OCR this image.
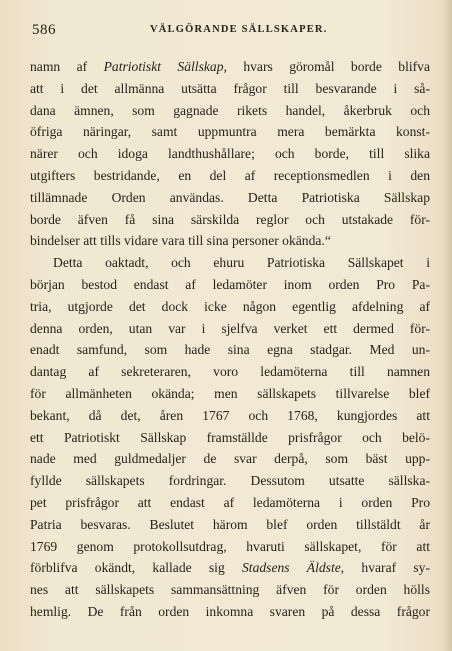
586	VÄLGÖRANDE SÄLLSKAPER.
namn af Patriotiskt Sällskap, hvars göromål borde blifva
att i det allmänna utsätta frågor till besvarande i så-
dana ämnen, som gagnade rikets handel, åkerbruk och
öfriga näringar, samt uppmuntra mera bemärkta konst-
närer och idoga landthushållare; och borde, till slika
utgifters bestridande, en del af receptionsmedlen i den
tillämnade Orden användas. Detta Patriotiska Sällskap
borde äfven få sina särskilda reglor och utstakade för-
bindelser att tills vidare vara till sina personer okända.“
Detta oaktadt, och ehuru Patriotiska Sällskapet i
början bestod endast af ledamöter inom orden Pro Pa-
tria, utgjorde det dock icke någon egentlig afdelning af
denna orden, utan var i sjelfva verket ett dermed för-
enadt samfund, som hade sina egna stadgar. Med un-
dantag af sekreteraren, voro ledamöterna till namnen
för allmänheten okända; men sällskapets tillvarelse blef
bekant, då det, åren 1767 och 1768, kungjordes att
ett Patriotiskt Sällskap framställde prisfrågor och belö-
nade med guldmedaljer de svar derpå, som bäst upp-
fyllde sällskapets fordringar. Dessutom utsatte sällska-
pet prisfrågor att endast af ledamöterna i orden Pro
Patria besvaras. Beslutet härom blef orden tillstäldt år
1769 genom protokollsutdrag, hvaruti sällskapet, för att
förblifva okändt, kallade sig Stadsens Äldste, hvaraf sy-
nes att sällskapets sammansättning äfven för orden hölls
hemlig. De från orden inkomna svaren på dessa frågor
